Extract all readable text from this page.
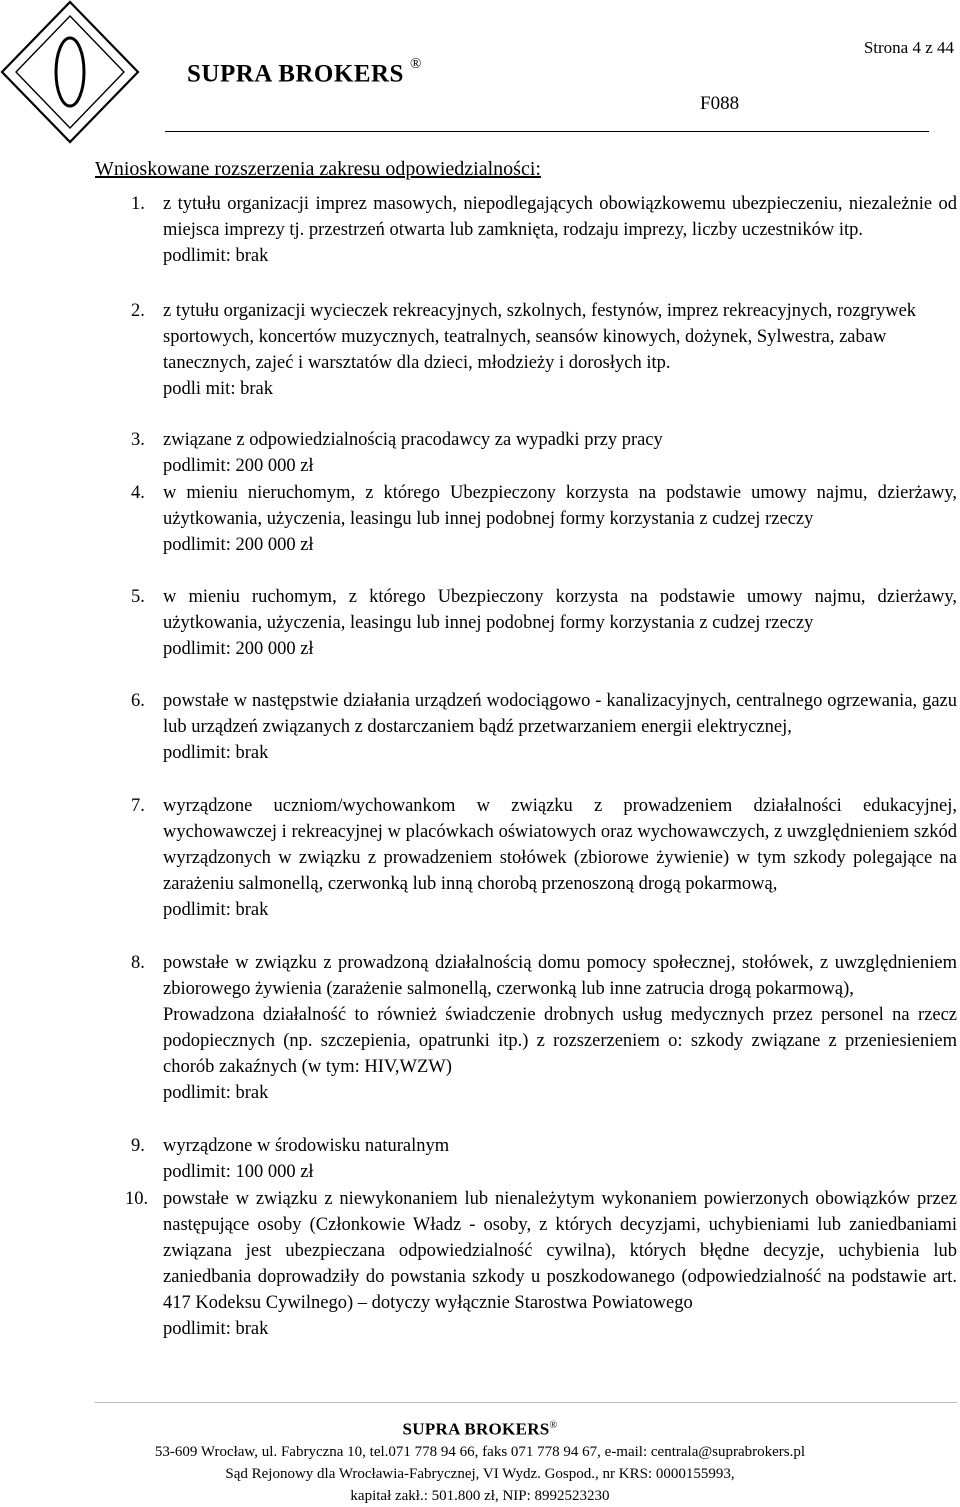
SUPRA BROKERS ®
Strona 4 z 44
F088
Wnioskowane rozszerzenia zakresu odpowiedzialności:
1. z tytułu organizacji imprez masowych, niepodlegających obowiązkowemu ubezpieczeniu, niezależnie od miejsca imprezy tj. przestrzeń otwarta lub zamknięta, rodzaju imprezy, liczby uczestników itp.

podlimit: brak
2. z tytułu organizacji wycieczek rekreacyjnych, szkolnych, festynów, imprez rekreacyjnych, rozgrywek sportowych, koncertów muzycznych, teatralnych, seansów kinowych, dożynek, Sylwestra, zabaw tanecznych, zajeć i warsztatów dla dzieci, młodzieży i dorosłych itp.

podli mit: brak
3. związane z odpowiedzialnością pracodawcy za wypadki przy pracy

podlimit: 200 000 zł
4. w mieniu nieruchomym, z którego Ubezpieczony korzysta na podstawie umowy najmu, dzierżawy, użytkowania, użyczenia, leasingu lub innej podobnej formy korzystania z cudzej rzeczy

podlimit: 200 000 zł
5. w mieniu ruchomym, z którego Ubezpieczony korzysta na podstawie umowy najmu, dzierżawy, użytkowania, użyczenia, leasingu lub innej podobnej formy korzystania z cudzej rzeczy

podlimit: 200 000 zł
6. powstałe w następstwie działania urządzeń wodociągowo - kanalizacyjnych, centralnego ogrzewania, gazu lub urządzeń związanych z dostarczaniem bądź przetwarzaniem energii elektrycznej,

podlimit: brak
7. wyrządzone uczniom/wychowankom w związku z prowadzeniem działalności edukacyjnej, wychowawczej i rekreacyjnej w placówkach oświatowych oraz wychowawczych, z uwzględnieniem szkód wyrządzonych w związku z prowadzeniem stołówek (zbiorowe żywienie) w tym szkody polegające na zarażeniu salmonellą, czerwonką lub inną chorobą przenoszoną drogą pokarmową,

podlimit: brak
8. powstałe w związku z prowadzoną działalnością domu pomocy społecznej, stołówek, z uwzględnieniem zbiorowego żywienia (zarażenie salmonellą, czerwonką lub inne zatrucia drogą pokarmową),

Prowadzona działalność to również świadczenie drobnych usług medycznych przez personel na rzecz podopiecznych (np. szczepienia, opatrunki itp.) z rozszerzeniem o: szkody związane z przeniesieniem chorób zakaźnych (w tym: HIV,WZW)

podlimit: brak
9. wyrządzone w środowisku naturalnym

podlimit: 100 000 zł
10. powstałe w związku z niewykonaniem lub nienależytym wykonaniem powierzonych obowiązków przez następujące osoby (Członkowie Władz - osoby, z których decyzjami, uchybieniami lub zaniedbaniami związana jest ubezpieczana odpowiedzialność cywilna), których błędne decyzje, uchybienia lub zaniedbania doprowadziły do powstania szkody u poszkodowanego (odpowiedzialność na podstawie art. 417 Kodeksu Cywilnego) – dotyczy wyłącznie Starostwa Powiatowego

podlimit: brak
SUPRA BROKERS®
53-609 Wrocław, ul. Fabryczna 10, tel.071 778 94 66, faks 071 778 94 67, e-mail: centrala@suprabrokers.pl
Sąd Rejonowy dla Wrocławia-Fabrycznej, VI Wydz. Gospod., nr KRS: 0000155993,
kapitał zakł.: 501.800 zł, NIP: 8992523230
